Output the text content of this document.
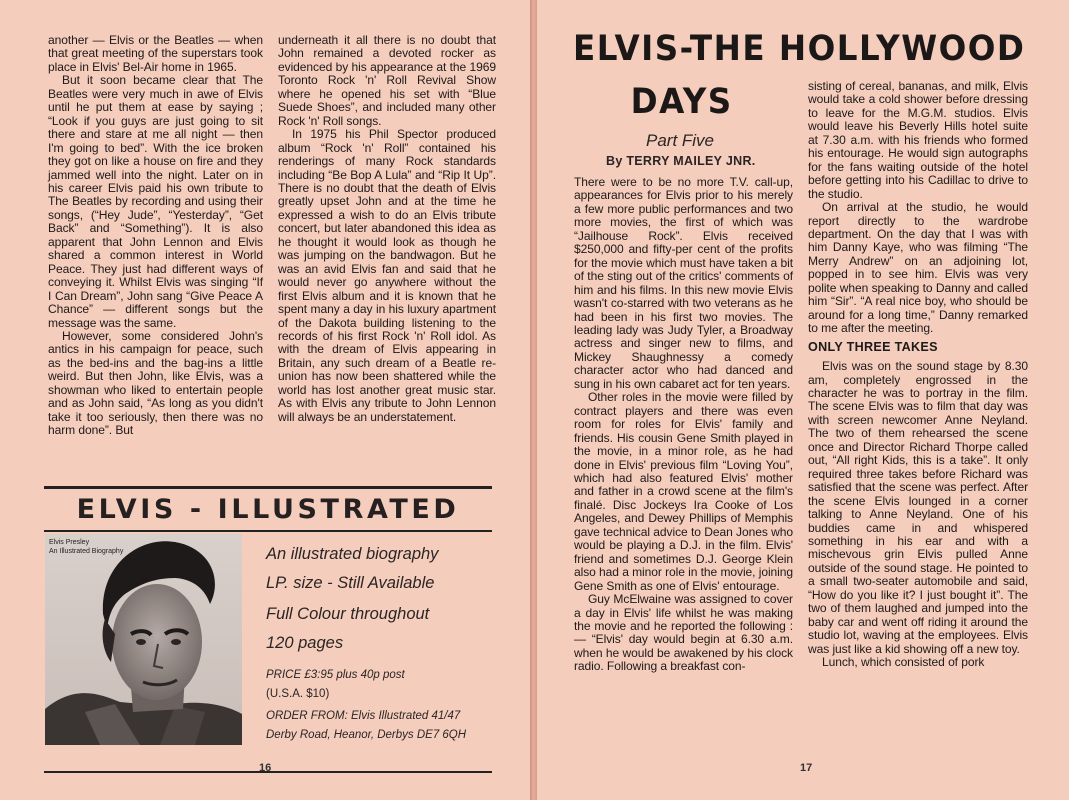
another — Elvis or the Beatles — when that great meeting of the superstars took place in Elvis' Bel-Air home in 1965.

But it soon became clear that The Beatles were very much in awe of Elvis until he put them at ease by saying ; “Look if you guys are just going to sit there and stare at me all night — then I'm going to bed”. With the ice broken they got on like a house on fire and they jammed well into the night. Later on in his career Elvis paid his own tribute to The Beatles by recording and using their songs, (“Hey Jude”, “Yesterday”, “Get Back” and “Something”). It is also apparent that John Lennon and Elvis shared a common interest in World Peace. They just had different ways of conveying it. Whilst Elvis was singing “If I Can Dream”, John sang “Give Peace A Chance” — different songs but the message was the same.

However, some considered John's antics in his campaign for peace, such as the bed-ins and the bag-ins a little weird. But then John, like Elvis, was a showman who liked to entertain people and as John said, “As long as you didn't take it too seriously, then there was no harm done”. But

underneath it all there is no doubt that John remained a devoted rocker as evidenced by his appearance at the 1969 Toronto Rock 'n' Roll Revival Show where he opened his set with “Blue Suede Shoes”, and included many other Rock 'n' Roll songs.

In 1975 his Phil Spector produced album “Rock 'n' Roll” contained his renderings of many Rock standards including “Be Bop A Lula” and “Rip It Up”. There is no doubt that the death of Elvis greatly upset John and at the time he expressed a wish to do an Elvis tribute concert, but later abandoned this idea as he thought it would look as though he was jumping on the bandwagon. But he was an avid Elvis fan and said that he would never go anywhere without the first Elvis album and it is known that he spent many a day in his luxury apartment of the Dakota building listening to the records of his first Rock 'n' Roll idol. As with the dream of Elvis appearing in Britain, any such dream of a Beatle re-union has now been shattered while the world has lost another great music star. As with Elvis any tribute to John Lennon will always be an understatement.

ELVIS - ILLUSTRATED
Elvis Presley
An Illustrated Biography	An illustrated biography
LP. size - Still Available
Full Colour throughout
120 pages
PRICE £3:95 plus 40p post
(U.S.A. $10)
ORDER FROM: Elvis Illustrated 41/47
Derby Road, Heanor, Derbys DE7 6QH
16
ELVIS-THE HOLLYWOOD
DAYS
Part Five
By TERRY MAILEY JNR.

There were to be no more T.V. call-up, appearances for Elvis prior to his merely a few more public performances and two more movies, the first of which was “Jailhouse Rock”. Elvis received $250,000 and fifty-per cent of the profits for the movie which must have taken a bit of the sting out of the critics' comments of him and his films. In this new movie Elvis wasn't co-starred with two veterans as he had been in his first two movies. The leading lady was Judy Tyler, a Broadway actress and singer new to films, and Mickey Shaughnessy a comedy character actor who had danced and sung in his own cabaret act for ten years.

Other roles in the movie were filled by contract players and there was even room for roles for Elvis' family and friends. His cousin Gene Smith played in the movie, in a minor role, as he had done in Elvis' previous film “Loving You”, which had also featured Elvis' mother and father in a crowd scene at the film's finalé. Disc Jockeys Ira Cooke of Los Angeles, and Dewey Phillips of Memphis gave technical advice to Dean Jones who would be playing a D.J. in the film. Elvis' friend and sometimes D.J. George Klein also had a minor role in the movie, joining Gene Smith as one of Elvis' entourage.

Guy McElwaine was assigned to cover a day in Elvis' life whilst he was making the movie and he reported the following :— “Elvis' day would begin at 6.30 a.m. when he would be awakened by his clock radio. Following a breakfast con-

sisting of cereal, bananas, and milk, Elvis would take a cold shower before dressing to leave for the M.G.M. studios. Elvis would leave his Beverly Hills hotel suite at 7.30 a.m. with his friends who formed his entourage. He would sign autographs for the fans waiting outside of the hotel before getting into his Cadillac to drive to the studio.

On arrival at the studio, he would report directly to the wardrobe department. On the day that I was with him Danny Kaye, who was filming “The Merry Andrew” on an adjoining lot, popped in to see him. Elvis was very polite when speaking to Danny and called him “Sir”. “A real nice boy, who should be around for a long time,” Danny remarked to me after the meeting.

ONLY THREE TAKES

Elvis was on the sound stage by 8.30 am, completely engrossed in the character he was to portray in the film. The scene Elvis was to film that day was with screen newcomer Anne Neyland. The two of them rehearsed the scene once and Director Richard Thorpe called out, “All right Kids, this is a take”. It only required three takes before Richard was satisfied that the scene was perfect. After the scene Elvis lounged in a corner talking to Anne Neyland. One of his buddies came in and whispered something in his ear and with a mischevous grin Elvis pulled Anne outside of the sound stage. He pointed to a small two-seater automobile and said, “How do you like it? I just bought it”. The two of them laughed and jumped into the baby car and went off riding it around the studio lot, waving at the employees. Elvis was just like a kid showing off a new toy.

Lunch, which consisted of pork

17
